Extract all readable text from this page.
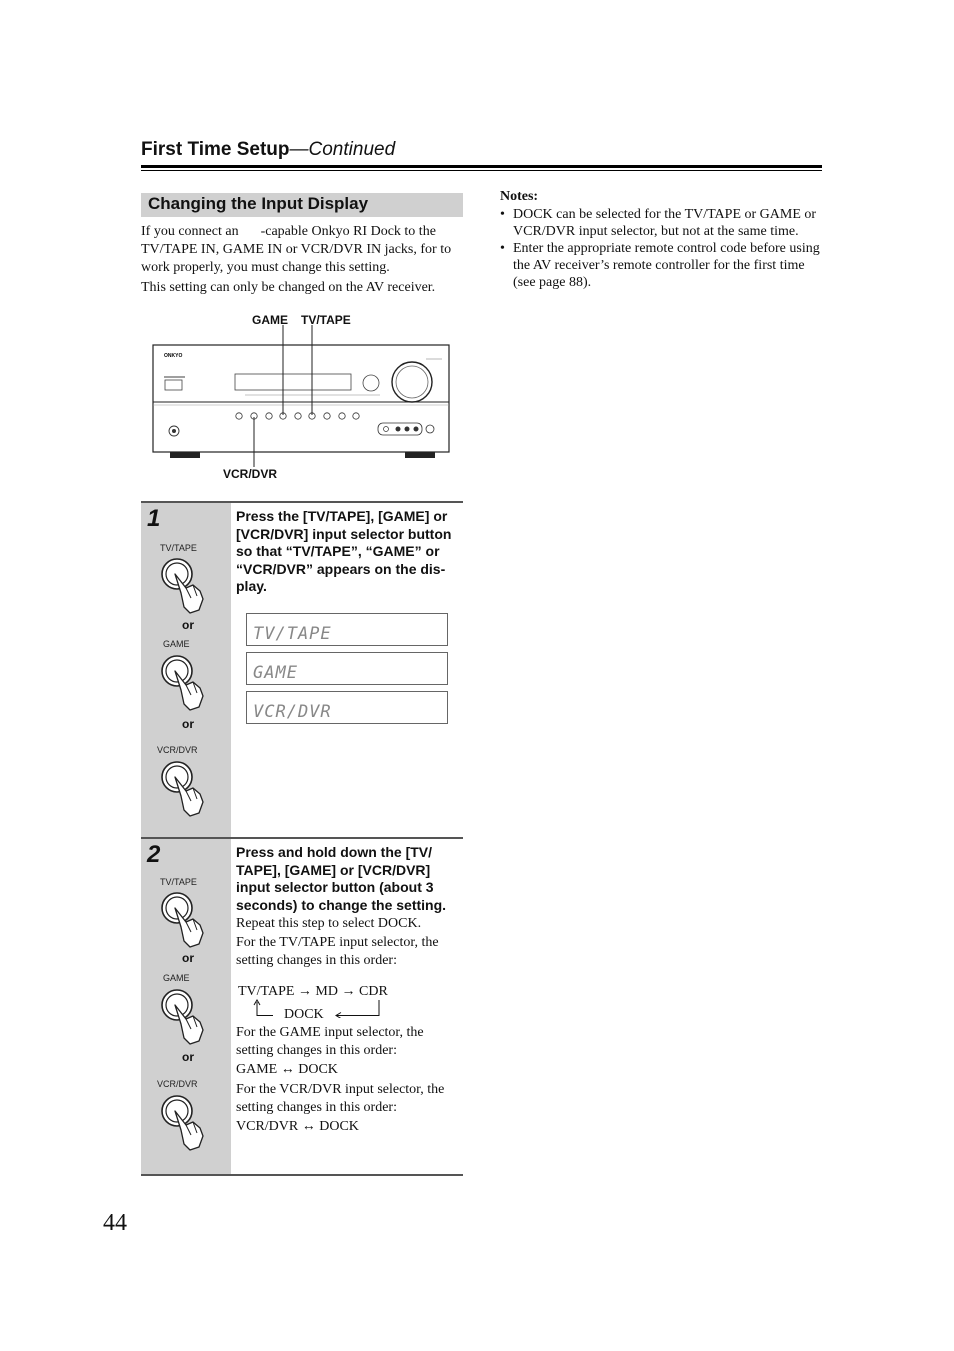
First Time Setup—Continued
Changing the Input Display
If you connect an -capable Onkyo RI Dock to the TV/TAPE IN, GAME IN or VCR/DVR IN jacks, for to work properly, you must change this setting.
This setting can only be changed on the AV receiver.
Notes:
• DOCK can be selected for the TV/TAPE or GAME or VCR/DVR input selector, but not at the same time.
• Enter the appropriate remote control code before using the AV receiver’s remote controller for the first time (see page 88).
GAME TV/TAPE
VCR/DVR
ONKYO
1
TV/TAPE
or
GAME
or
VCR/DVR
Press the [TV/TAPE], [GAME] or [VCR/DVR] input selector button so that “TV/TAPE”, “GAME” or “VCR/DVR” appears on the dis- play.
TV/TAPE
GAME
VCR/DVR
2
TV/TAPE
or
GAME
or
VCR/DVR
Press and hold down the [TV/ TAPE], [GAME] or [VCR/DVR] input selector button (about 3 seconds) to change the setting.
Repeat this step to select DOCK.
For the TV/TAPE input selector, the setting changes in this order:
TV/TAPE → MD → CDR
DOCK
For the GAME input selector, the setting changes in this order:
GAME ↔ DOCK
For the VCR/DVR input selector, the setting changes in this order:
VCR/DVR ↔ DOCK
44
